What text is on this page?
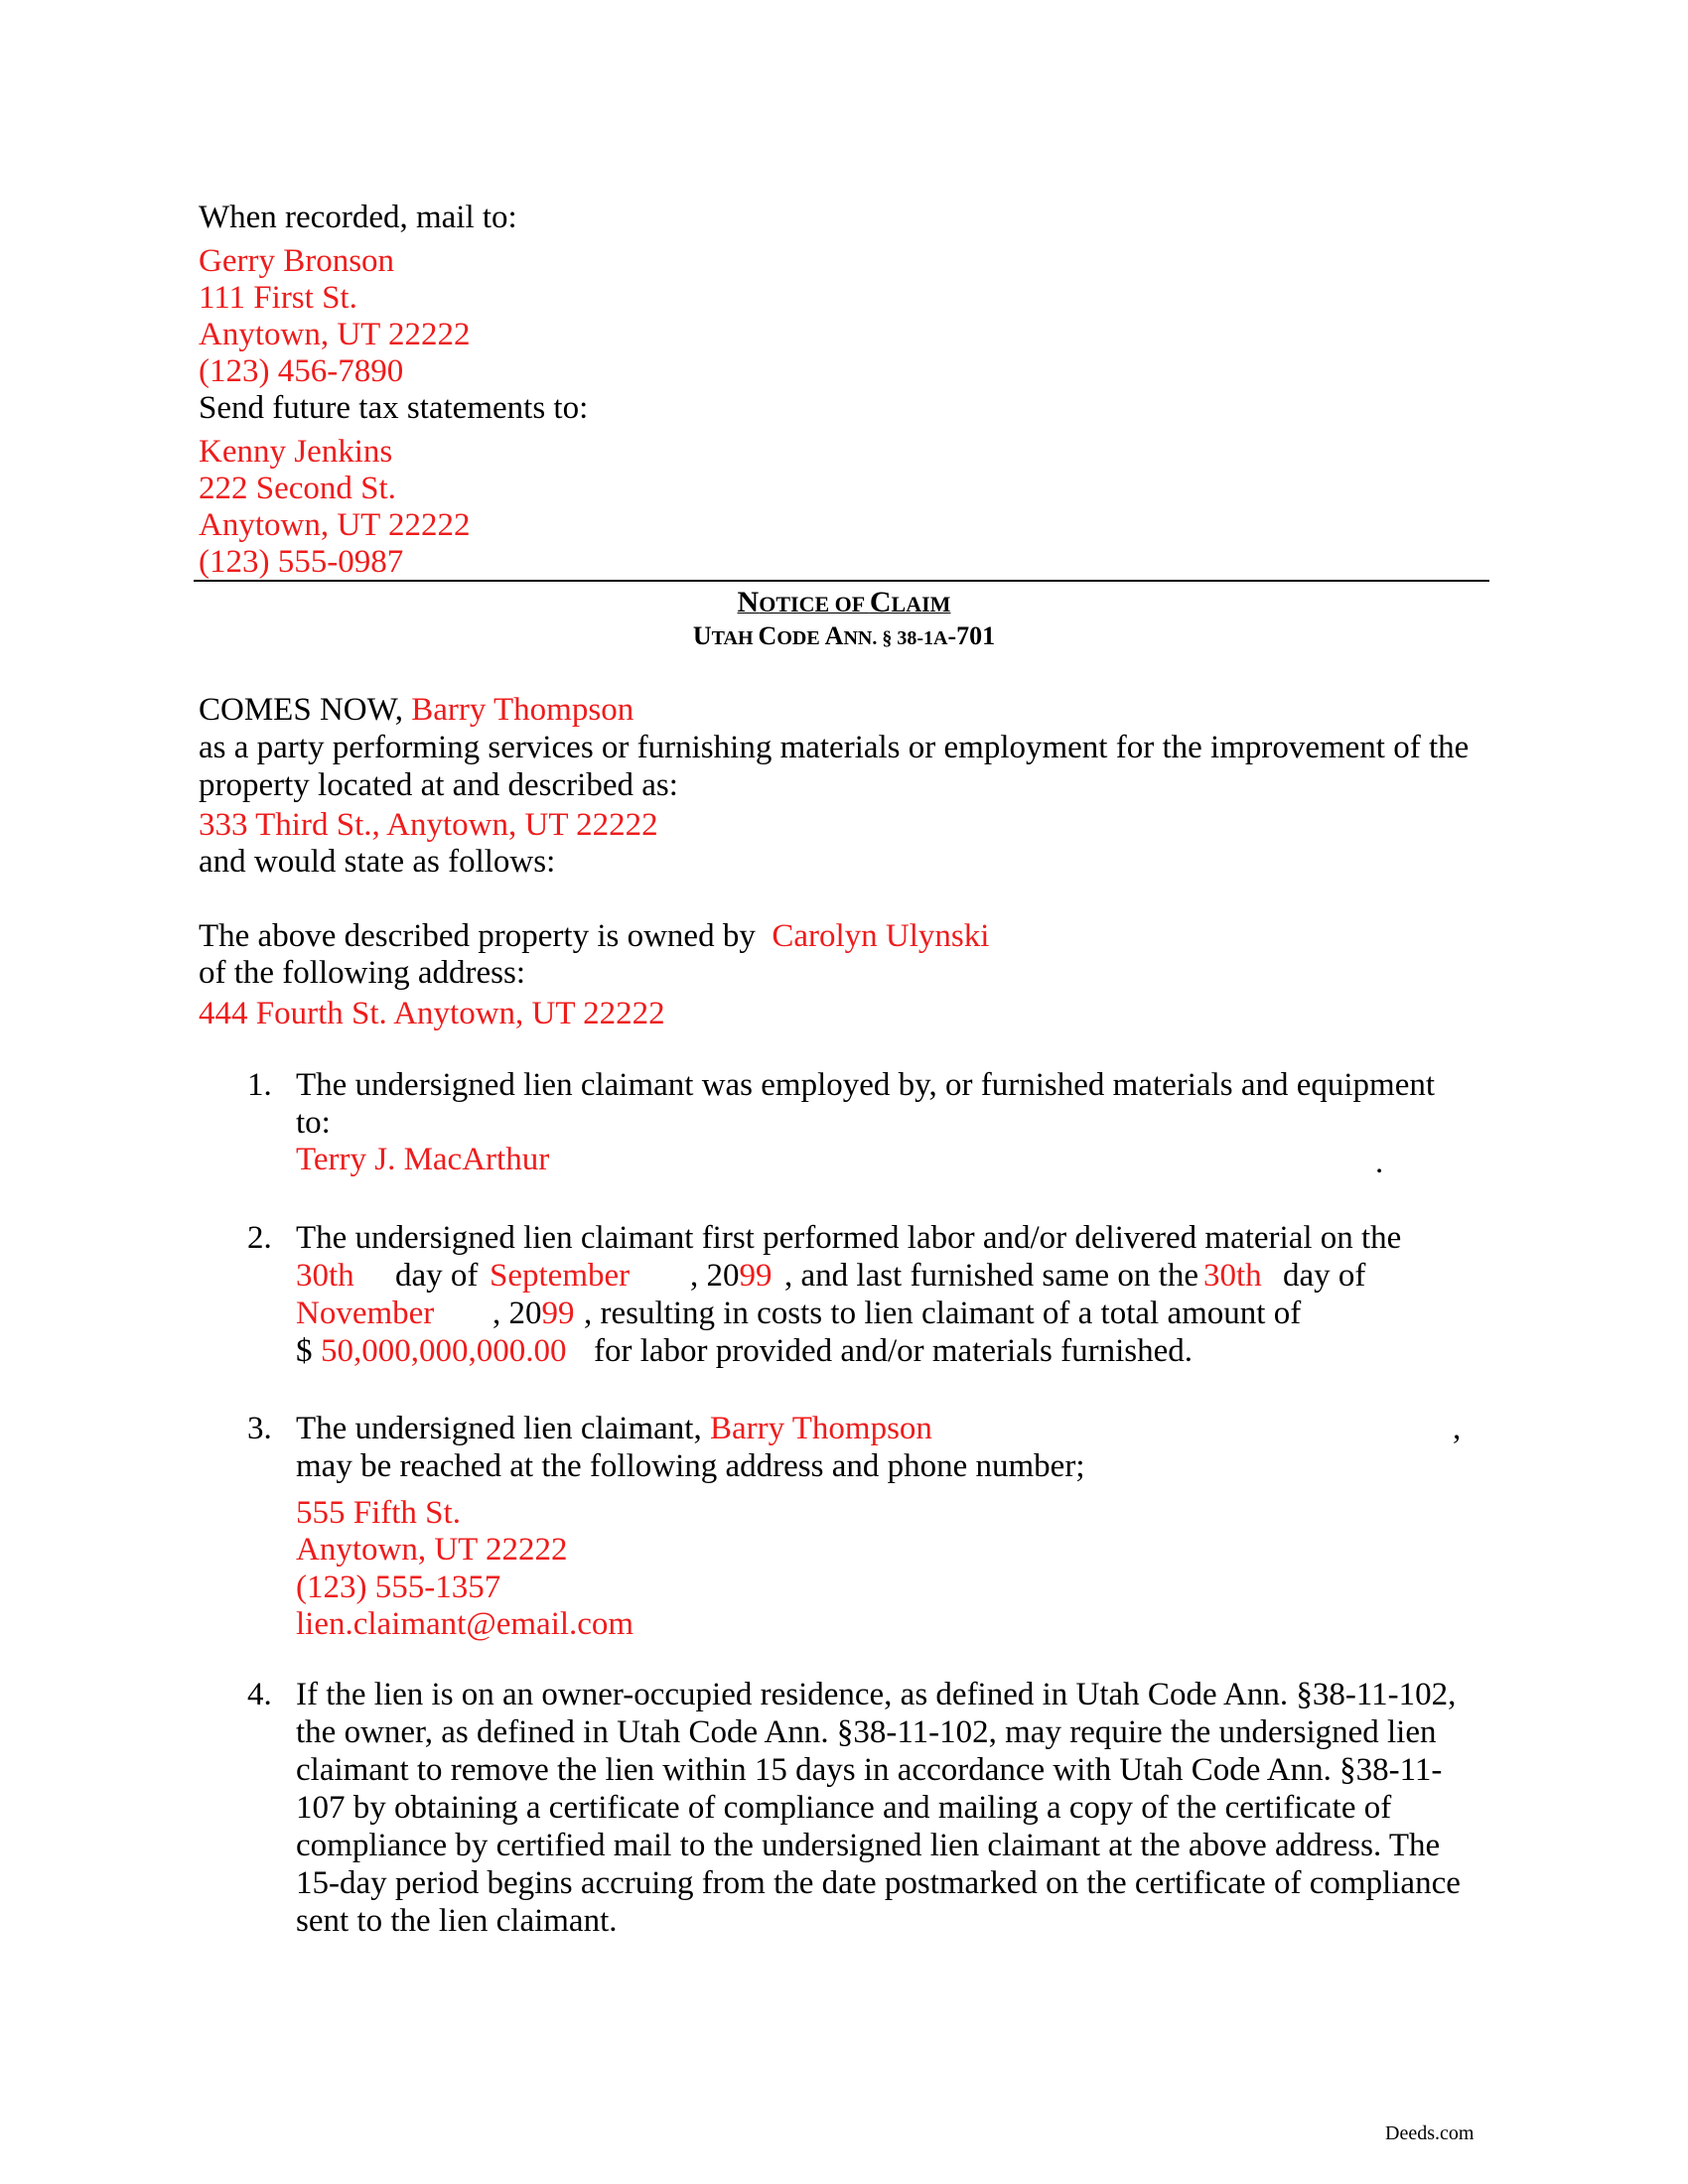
When recorded, mail to:
Gerry Bronson
111 First St.
Anytown, UT 22222
(123) 456-7890
Send future tax statements to:
Kenny Jenkins
222 Second St.
Anytown, UT 22222
(123) 555-0987
NOTICE OF CLAIM
UTAH CODE ANN. § 38-1A-701
COMES NOW, Barry Thompson
as a party performing services or furnishing materials or employment for the improvement of the
property located at and described as:
333 Third St., Anytown, UT 22222
and would state as follows:
The above described property is owned by Carolyn Ulynski
of the following address:
444 Fourth St. Anytown, UT 22222
1. The undersigned lien claimant was employed by, or furnished materials and equipment
to:
Terry J. MacArthur	.
2. The undersigned lien claimant first performed labor and/or delivered material on the
30th day of September , 2099 , and last furnished same on the 30th day of
November , 2099 , resulting in costs to lien claimant of a total amount of
$ 50,000,000,000.00 for labor provided and/or materials furnished.
3. The undersigned lien claimant, Barry Thompson	,
may be reached at the following address and phone number;
555 Fifth St.
Anytown, UT 22222
(123) 555-1357
lien.claimant@email.com
4. If the lien is on an owner-occupied residence, as defined in Utah Code Ann. §38-11-102,
the owner, as defined in Utah Code Ann. §38-11-102, may require the undersigned lien
claimant to remove the lien within 15 days in accordance with Utah Code Ann. §38-11-
107 by obtaining a certificate of compliance and mailing a copy of the certificate of
compliance by certified mail to the undersigned lien claimant at the above address. The
15-day period begins accruing from the date postmarked on the certificate of compliance
sent to the lien claimant.
Deeds.com
